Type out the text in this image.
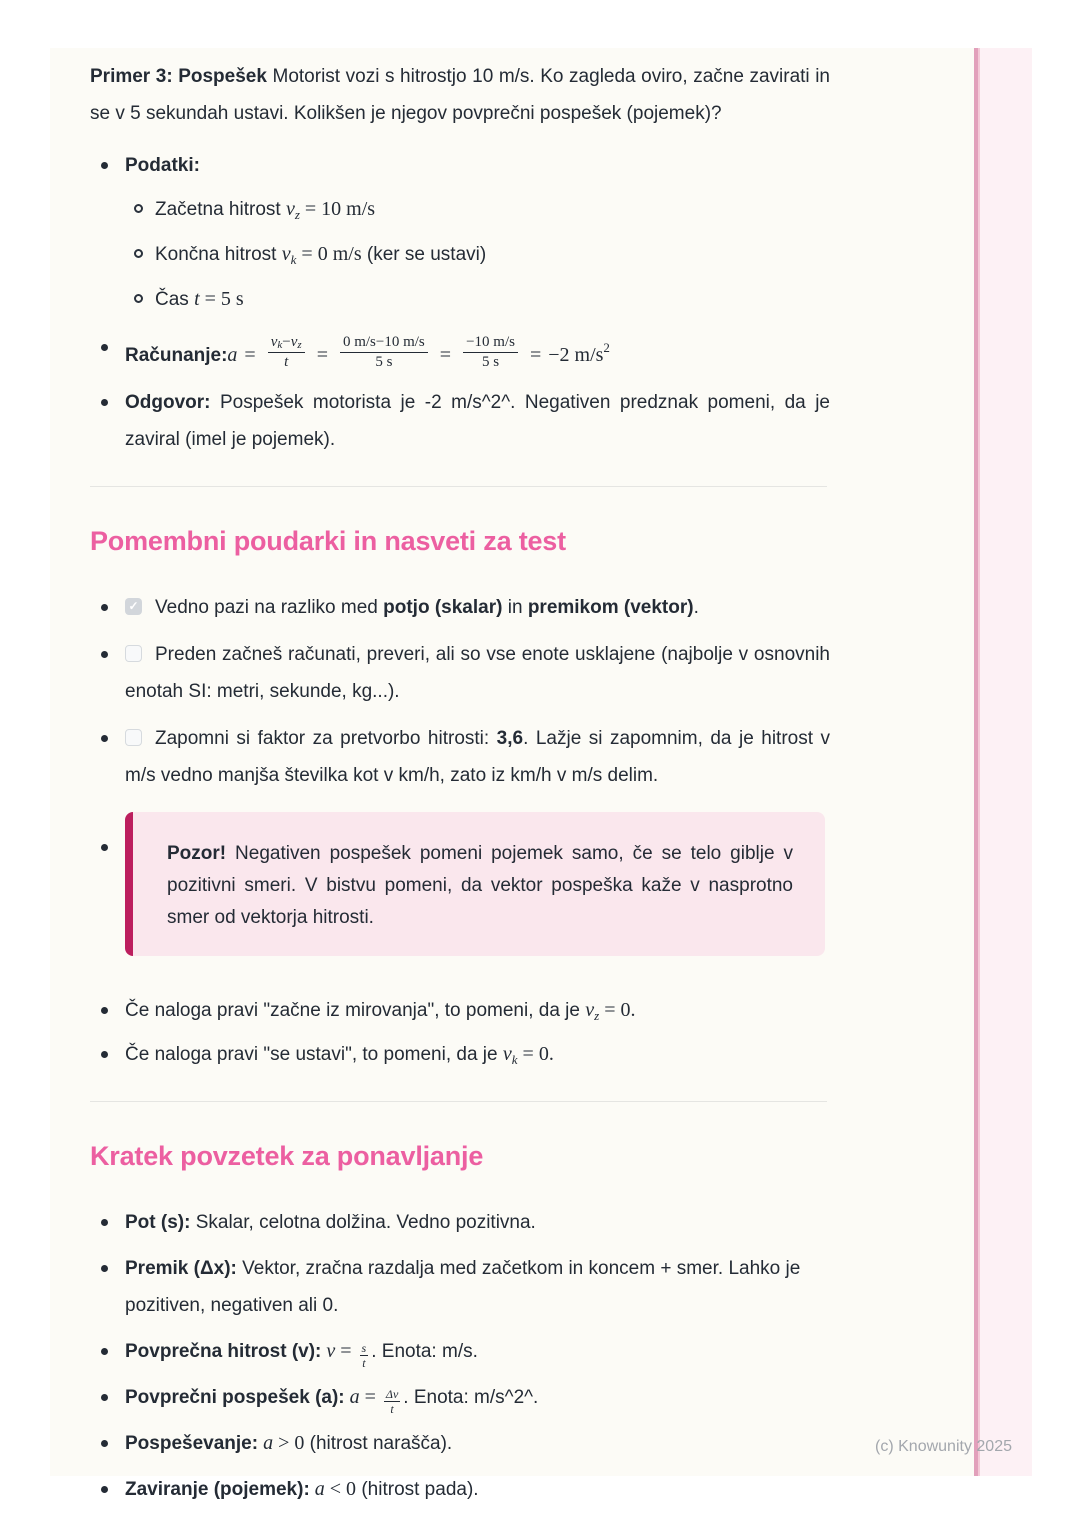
Primer 3: Pospešek Motorist vozi s hitrostjo 10 m/s. Ko zagleda oviro, začne zavirati in se v 5 sekundah ustavi. Kolikšen je njegov povprečni pospešek (pojemek)?

Podatki:
Začetna hitrost $v_z = 10$ m/s
Končna hitrost $v_k = 0$ m/s (ker se ustavi)
Čas t = 5 s
Računanje:a = $\frac{v_k-v_z}{t} = \frac{0 m/s-10 m/s}{5 s} = \frac{-10 m/s}{5 s} = -2$ $m/s^2$
Odgovor: Pospešek motorista je -2 m/s^2^. Negativen predznak pomeni, da je zaviral (imel je pojemek).
Pomembni poudarki in nasveti za test
✓Vedno pazi na razliko med potjo (skalar) in premikom (vektor).
Preden začneš računati, preveri, ali so vse enote usklajene (najbolje v osnovnih enotah SI: metri, sekunde, kg...).
Zapomni si faktor za pretvorbo hitrosti: 3,6. Lažje si zapomnim, da je hitrost v m/s vedno manjša številka kot v km/h, zato iz km/h v m/s delim.
Pozor! Negativen pospešek pomeni pojemek samo, če se telo giblje v pozitivni smeri. V bistvu pomeni, da vektor pospeška kaže v nasprotno smer od vektorja hitrosti.
Če naloga pravi "začne iz mirovanja", to pomeni, da je $v_z = 0$.
Če naloga pravi "se ustavi", to pomeni, da je $v_k = 0$.
Kratek povzetek za ponavljanje
Pot (s): Skalar, celotna dolžina. Vedno pozitivna.
Premik (Δx): Vektor, zračna razdalja med začetkom in koncem + smer. Lahko je pozitiven, negativen ali 0.
Povprečna hitrost (v): $v = \frac{s}{t}$ . Enota: m/s.
Povprečni pospešek (a): $a = \frac{\Delta v}{t}$ . Enota: m/s^2^.
Pospeševanje: a > 0 (hitrost narašča).
Zaviranje (pojemek): a < 0 (hitrost pada).
(c) Knowunity 2025
